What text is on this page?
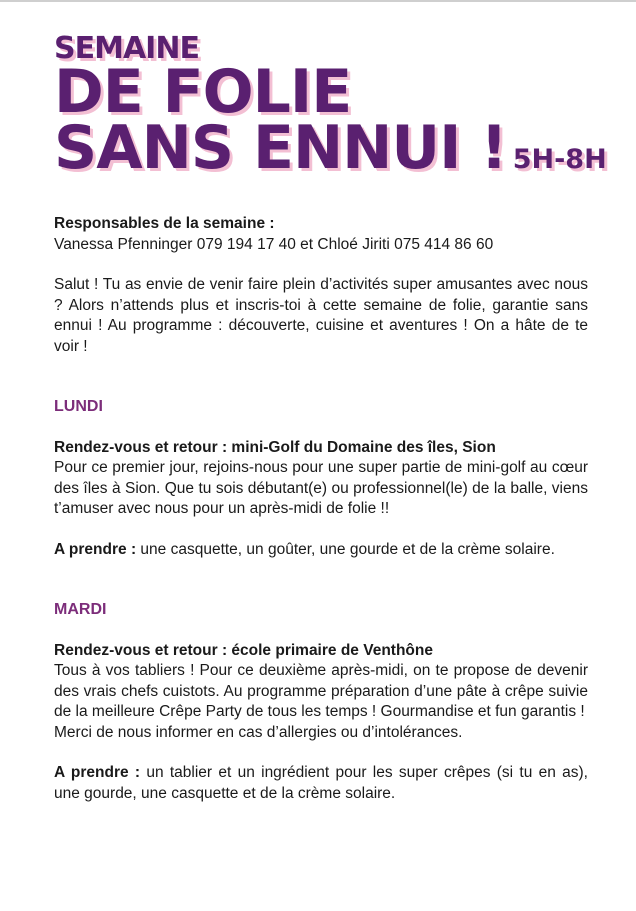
SEMAINE
DE FOLIE
SANS ENNUI ! 5H-8H

Responsables de la semaine :

Vanessa Pfenninger 079 194 17 40 et Chloé Jiriti 075 414 86 60

Salut ! Tu as envie de venir faire plein d’activités super amusantes avec nous ? Alors n’attends plus et inscris-toi à cette semaine de folie, garantie sans ennui ! Au programme : découverte, cuisine et aventures ! On a hâte de te voir !

LUNDI

Rendez-vous et retour : mini-Golf du Domaine des îles, Sion

Pour ce premier jour, rejoins-nous pour une super partie de mini-golf au cœur des îles à Sion. Que tu sois débutant(e) ou professionnel(le) de la balle, viens t’amuser avec nous pour un après-midi de folie !!

A prendre : une casquette, un goûter, une gourde et de la crème solaire.

MARDI

Rendez-vous et retour : école primaire de Venthône

Tous à vos tabliers ! Pour ce deuxième après-midi, on te propose de devenir des vrais chefs cuistots. Au programme préparation d’une pâte à crêpe suivie de la meilleure Crêpe Party de tous les temps ! Gourmandise et fun garantis !

Merci de nous informer en cas d’allergies ou d’intolérances.

A prendre : un tablier et un ingrédient pour les super crêpes (si tu en as), une gourde, une casquette et de la crème solaire.
